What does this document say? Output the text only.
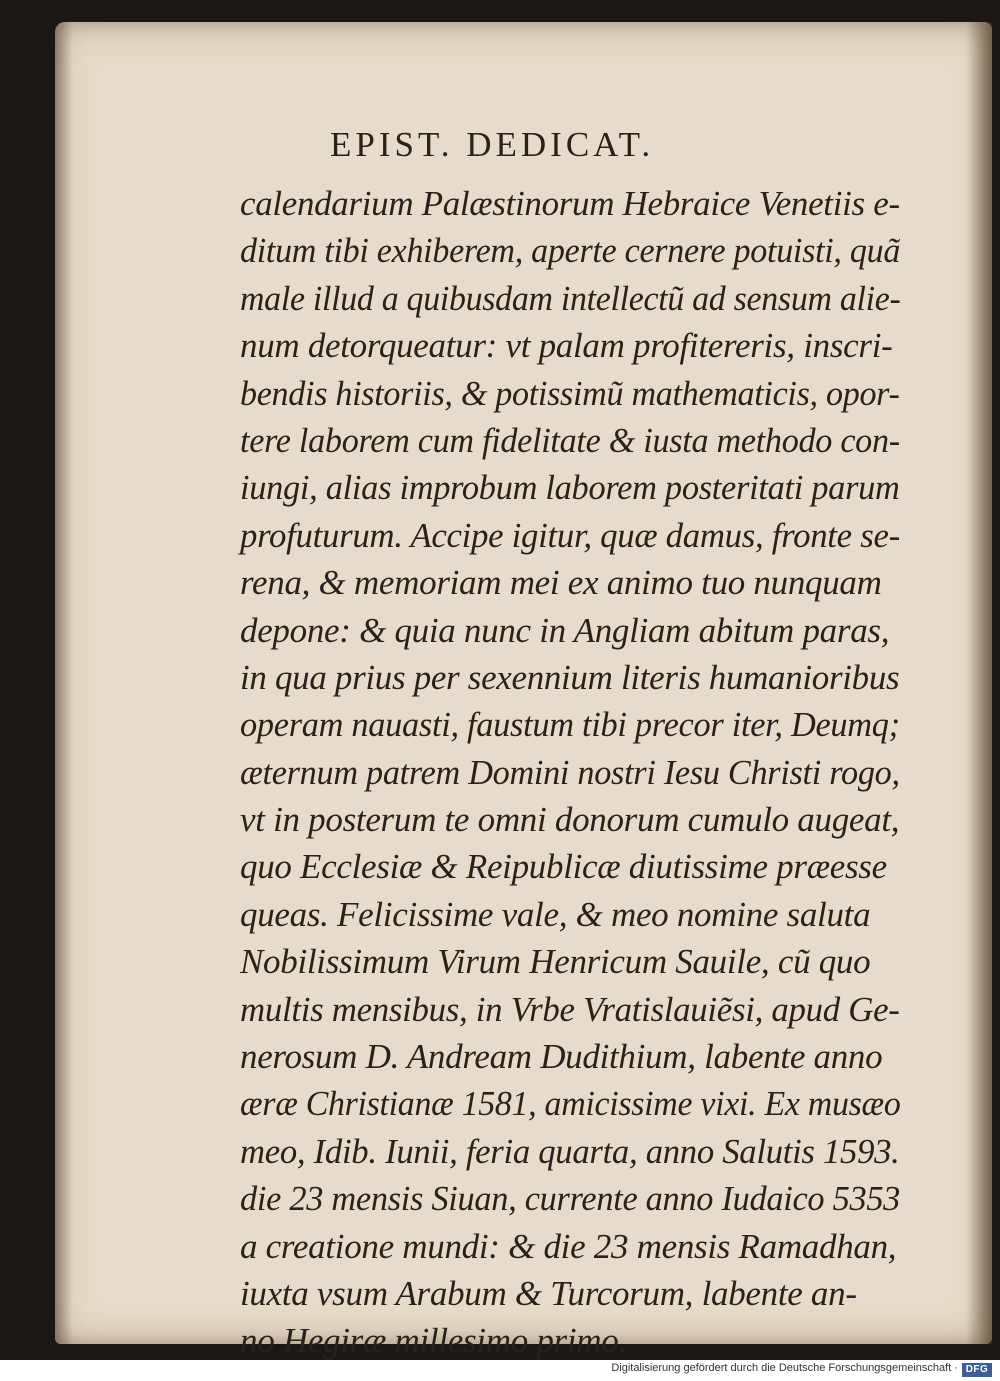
EPIST. DEDICAT.
calendarium Palæstinorum Hebraice Venetiis e-
ditum tibi exhiberem, aperte cernere potuisti, quã
male illud a quibusdam intellectũ ad sensum alie-
num detorqueatur: vt palam profitereris, inscri-
bendis historiis, & potissimũ mathematicis, opor-
tere laborem cum fidelitate & iusta methodo con-
iungi, alias improbum laborem posteritati parum
profuturum. Accipe igitur, quæ damus, fronte se-
rena, & memoriam mei ex animo tuo nunquam
depone: & quia nunc in Angliam abitum paras,
in qua prius per sexennium literis humanioribus
operam nauasti, faustum tibi precor iter, Deumq;
æternum patrem Domini nostri Iesu Christi rogo,
vt in posterum te omni donorum cumulo augeat,
quo Ecclesiæ & Reipublicæ diutissime præesse
queas. Felicissime vale, & meo nomine saluta
Nobilissimum Virum Henricum Sauile, cũ quo
multis mensibus, in Vrbe Vratislauiẽsi, apud Ge-
nerosum D. Andream Dudithium, labente anno
æræ Christianæ 1581, amicissime vixi. Ex musæo
meo, Idib. Iunii, feria quarta, anno Salutis 1593.
die 23 mensis Siuan, currente anno Iudaico 5353
a creatione mundi: & die 23 mensis Ramadhan,
iuxta vsum Arabum & Turcorum, labente an-
no Hegiræ millesimo primo.
Digitalisierung gefördert durch die Deutsche Forschungsgemeinschaft · DFG
